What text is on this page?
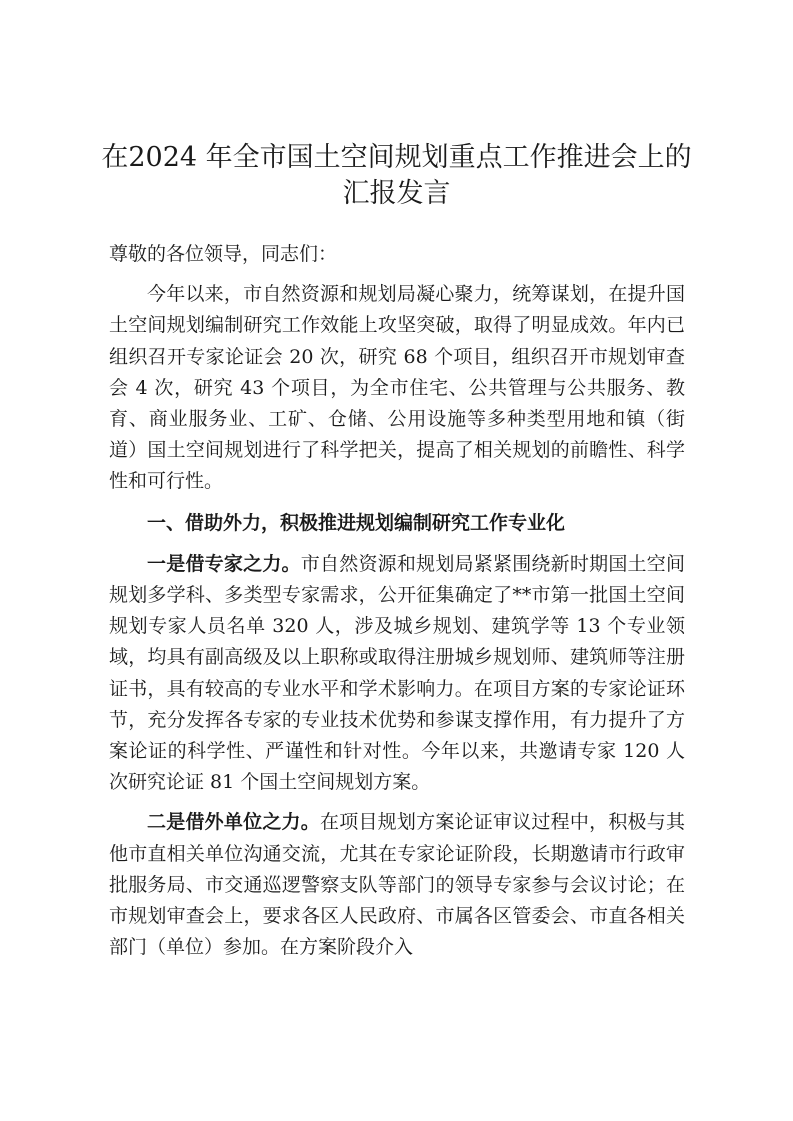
在2024 年全市国土空间规划重点工作推进会上的汇报发言

尊敬的各位领导，同志们：

今年以来，市自然资源和规划局凝心聚力，统筹谋划，在提升国土空间规划编制研究工作效能上攻坚突破，取得了明显成效。年内已组织召开专家论证会 20 次，研究 68 个项目，组织召开市规划审查会 4 次，研究 43 个项目，为全市住宅、公共管理与公共服务、教育、商业服务业、工矿、仓储、公用设施等多种类型用地和镇（街道）国土空间规划进行了科学把关，提高了相关规划的前瞻性、科学性和可行性。

一、借助外力，积极推进规划编制研究工作专业化

一是借专家之力。市自然资源和规划局紧紧围绕新时期国土空间规划多学科、多类型专家需求，公开征集确定了**市第一批国土空间规划专家人员名单 320 人，涉及城乡规划、建筑学等 13 个专业领域，均具有副高级及以上职称或取得注册城乡规划师、建筑师等注册证书，具有较高的专业水平和学术影响力。在项目方案的专家论证环节，充分发挥各专家的专业技术优势和参谋支撑作用，有力提升了方案论证的科学性、严谨性和针对性。今年以来，共邀请专家 120 人次研究论证 81 个国土空间规划方案。

二是借外单位之力。在项目规划方案论证审议过程中，积极与其他市直相关单位沟通交流，尤其在专家论证阶段，长期邀请市行政审批服务局、市交通巡逻警察支队等部门的领导专家参与会议讨论；在市规划审查会上，要求各区人民政府、市属各区管委会、市直各相关部门（单位）参加。在方案阶段介入
